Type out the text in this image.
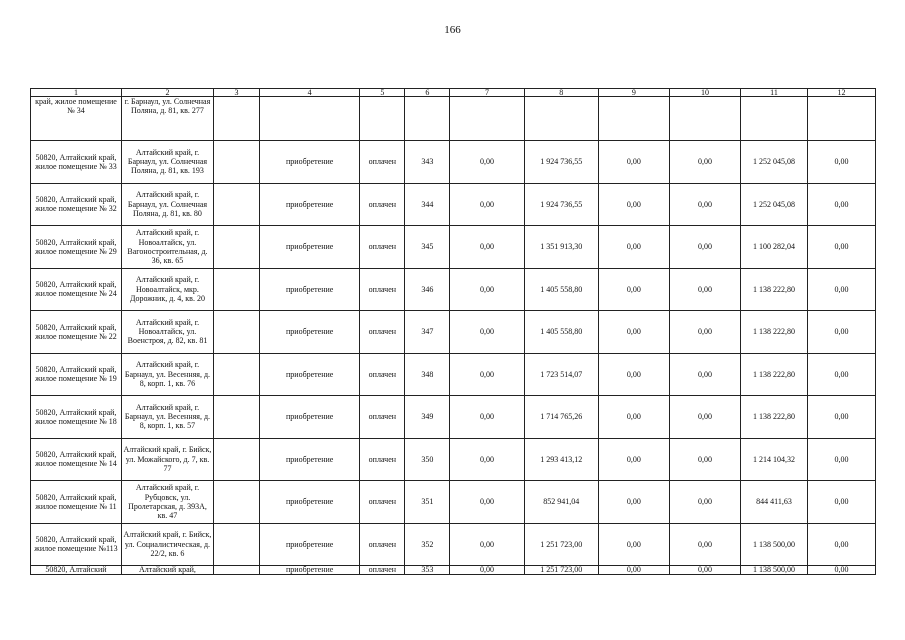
166
1	2	3	4	5	6	7	8	9	10	11	12
край, жилое помещение № 34	г. Барнаул, ул. Солнечная Поляна, д. 81, кв. 277										
50820, Алтайский край, жилое помещение № 33	Алтайский край, г. Барнаул, ул. Солнечная Поляна, д. 81, кв. 193		приобретение	оплачен	343	0,00	1 924 736,55	0,00	0,00	1 252 045,08	0,00
50820, Алтайский край, жилое помещение № 32	Алтайский край, г. Барнаул, ул. Солнечная Поляна, д. 81, кв. 80		приобретение	оплачен	344	0,00	1 924 736,55	0,00	0,00	1 252 045,08	0,00
50820, Алтайский край, жилое помещение № 29	Алтайский край, г. Новоалтайск, ул. Вагоностроительная, д. 36, кв. 65		приобретение	оплачен	345	0,00	1 351 913,30	0,00	0,00	1 100 282,04	0,00
50820, Алтайский край, жилое помещение № 24	Алтайский край, г. Новоалтайск, мкр. Дорожник, д. 4, кв. 20		приобретение	оплачен	346	0,00	1 405 558,80	0,00	0,00	1 138 222,80	0,00
50820, Алтайский край, жилое помещение № 22	Алтайский край, г. Новоалтайск, ул. Военстроя, д. 82, кв. 81		приобретение	оплачен	347	0,00	1 405 558,80	0,00	0,00	1 138 222,80	0,00
50820, Алтайский край, жилое помещение № 19	Алтайский край, г. Барнаул, ул. Весенняя, д. 8, корп. 1, кв. 76		приобретение	оплачен	348	0,00	1 723 514,07	0,00	0,00	1 138 222,80	0,00
50820, Алтайский край, жилое помещение № 18	Алтайский край, г. Барнаул, ул. Весенняя, д. 8, корп. 1, кв. 57		приобретение	оплачен	349	0,00	1 714 765,26	0,00	0,00	1 138 222,80	0,00
50820, Алтайский край, жилое помещение № 14	Алтайский край, г. Бийск, ул. Можайского, д. 7, кв. 77		приобретение	оплачен	350	0,00	1 293 413,12	0,00	0,00	1 214 104,32	0,00
50820, Алтайский край, жилое помещение № 11	Алтайский край, г. Рубцовск, ул. Пролетарская, д. 393А, кв. 47		приобретение	оплачен	351	0,00	852 941,04	0,00	0,00	844 411,63	0,00
50820, Алтайский край, жилое помещение №113	Алтайский край, г. Бийск, ул. Социалистическая, д. 22/2, кв. 6		приобретение	оплачен	352	0,00	1 251 723,00	0,00	0,00	1 138 500,00	0,00
50820, Алтайский	Алтайский край,		приобретение	оплачен	353	0,00	1 251 723,00	0,00	0,00	1 138 500,00	0,00
